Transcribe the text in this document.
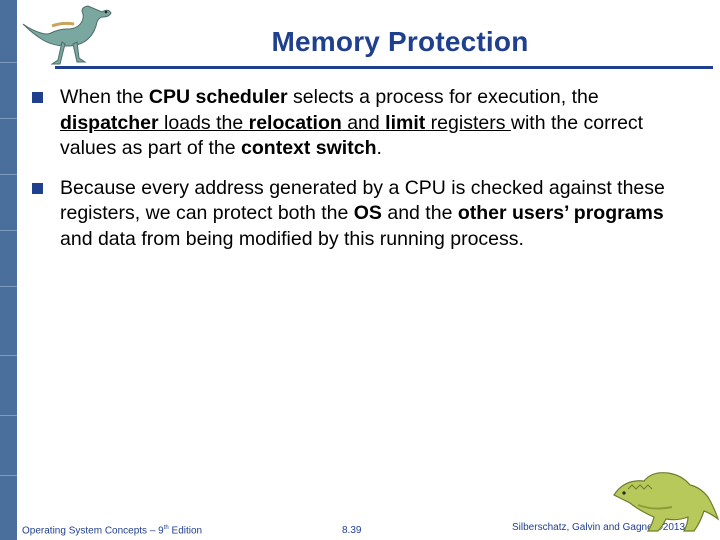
Memory Protection
When the CPU scheduler selects a process for execution, the dispatcher loads the relocation and limit registers with the correct values as part of the context switch.
Because every address generated by a CPU is checked against these registers, we can protect both the OS and the other users’ programs and data from being modified by this running process.
Operating System Concepts – 9th Edition	8.39	Silberschatz, Galvin and Gagne ©2013
